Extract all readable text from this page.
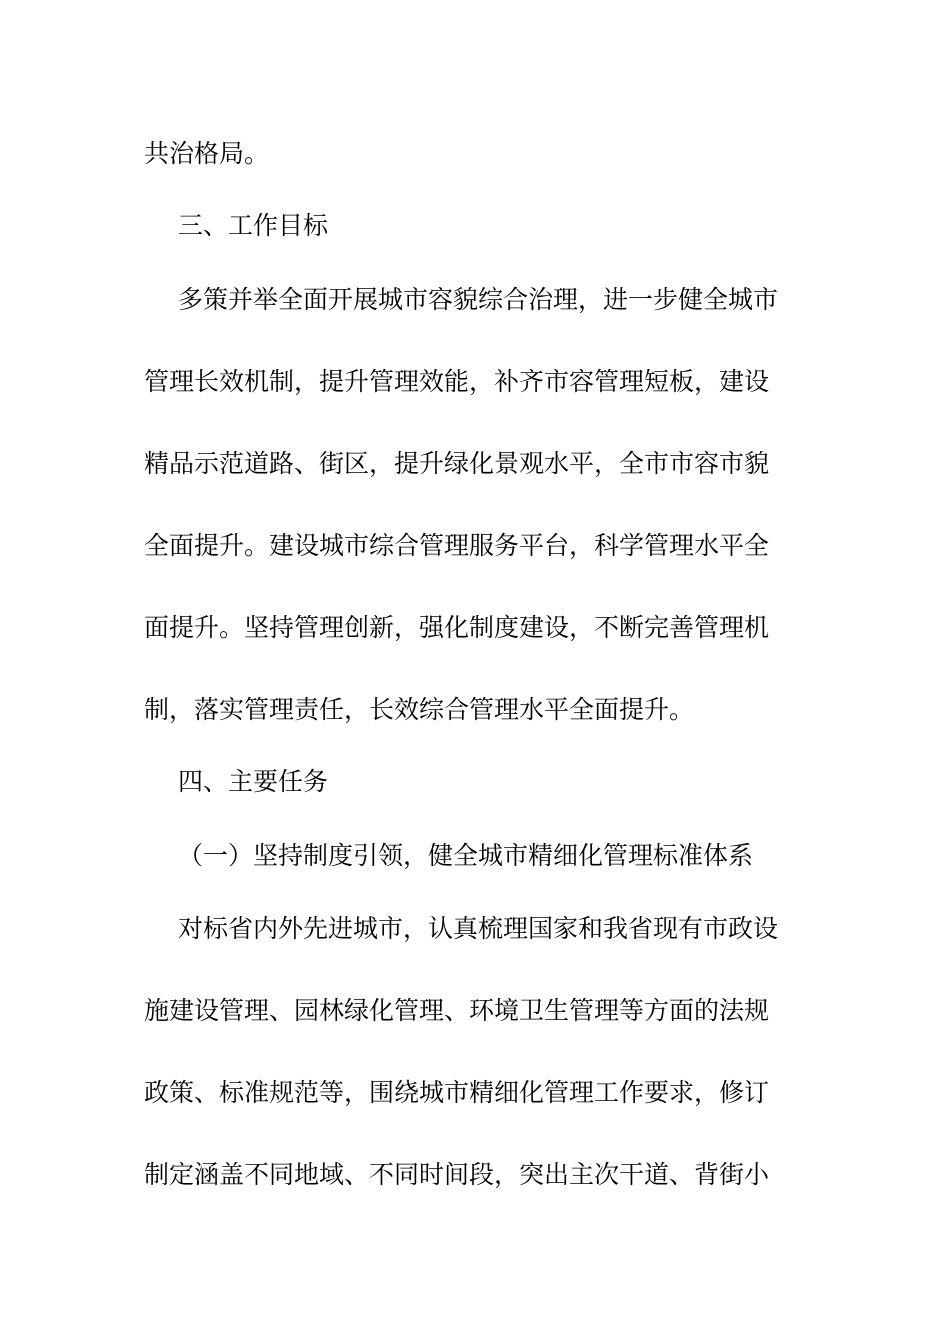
共治格局。
三、工作目标
多策并举全面开展城市容貌综合治理，进一步健全城市
管理长效机制，提升管理效能，补齐市容管理短板，建设
精品示范道路、街区，提升绿化景观水平，全市市容市貌
全面提升。建设城市综合管理服务平台，科学管理水平全
面提升。坚持管理创新，强化制度建设，不断完善管理机
制，落实管理责任，长效综合管理水平全面提升。
四、主要任务
（一）坚持制度引领，健全城市精细化管理标准体系
对标省内外先进城市，认真梳理国家和我省现有市政设
施建设管理、园林绿化管理、环境卫生管理等方面的法规
政策、标准规范等，围绕城市精细化管理工作要求，修订
制定涵盖不同地域、不同时间段，突出主次干道、背街小
